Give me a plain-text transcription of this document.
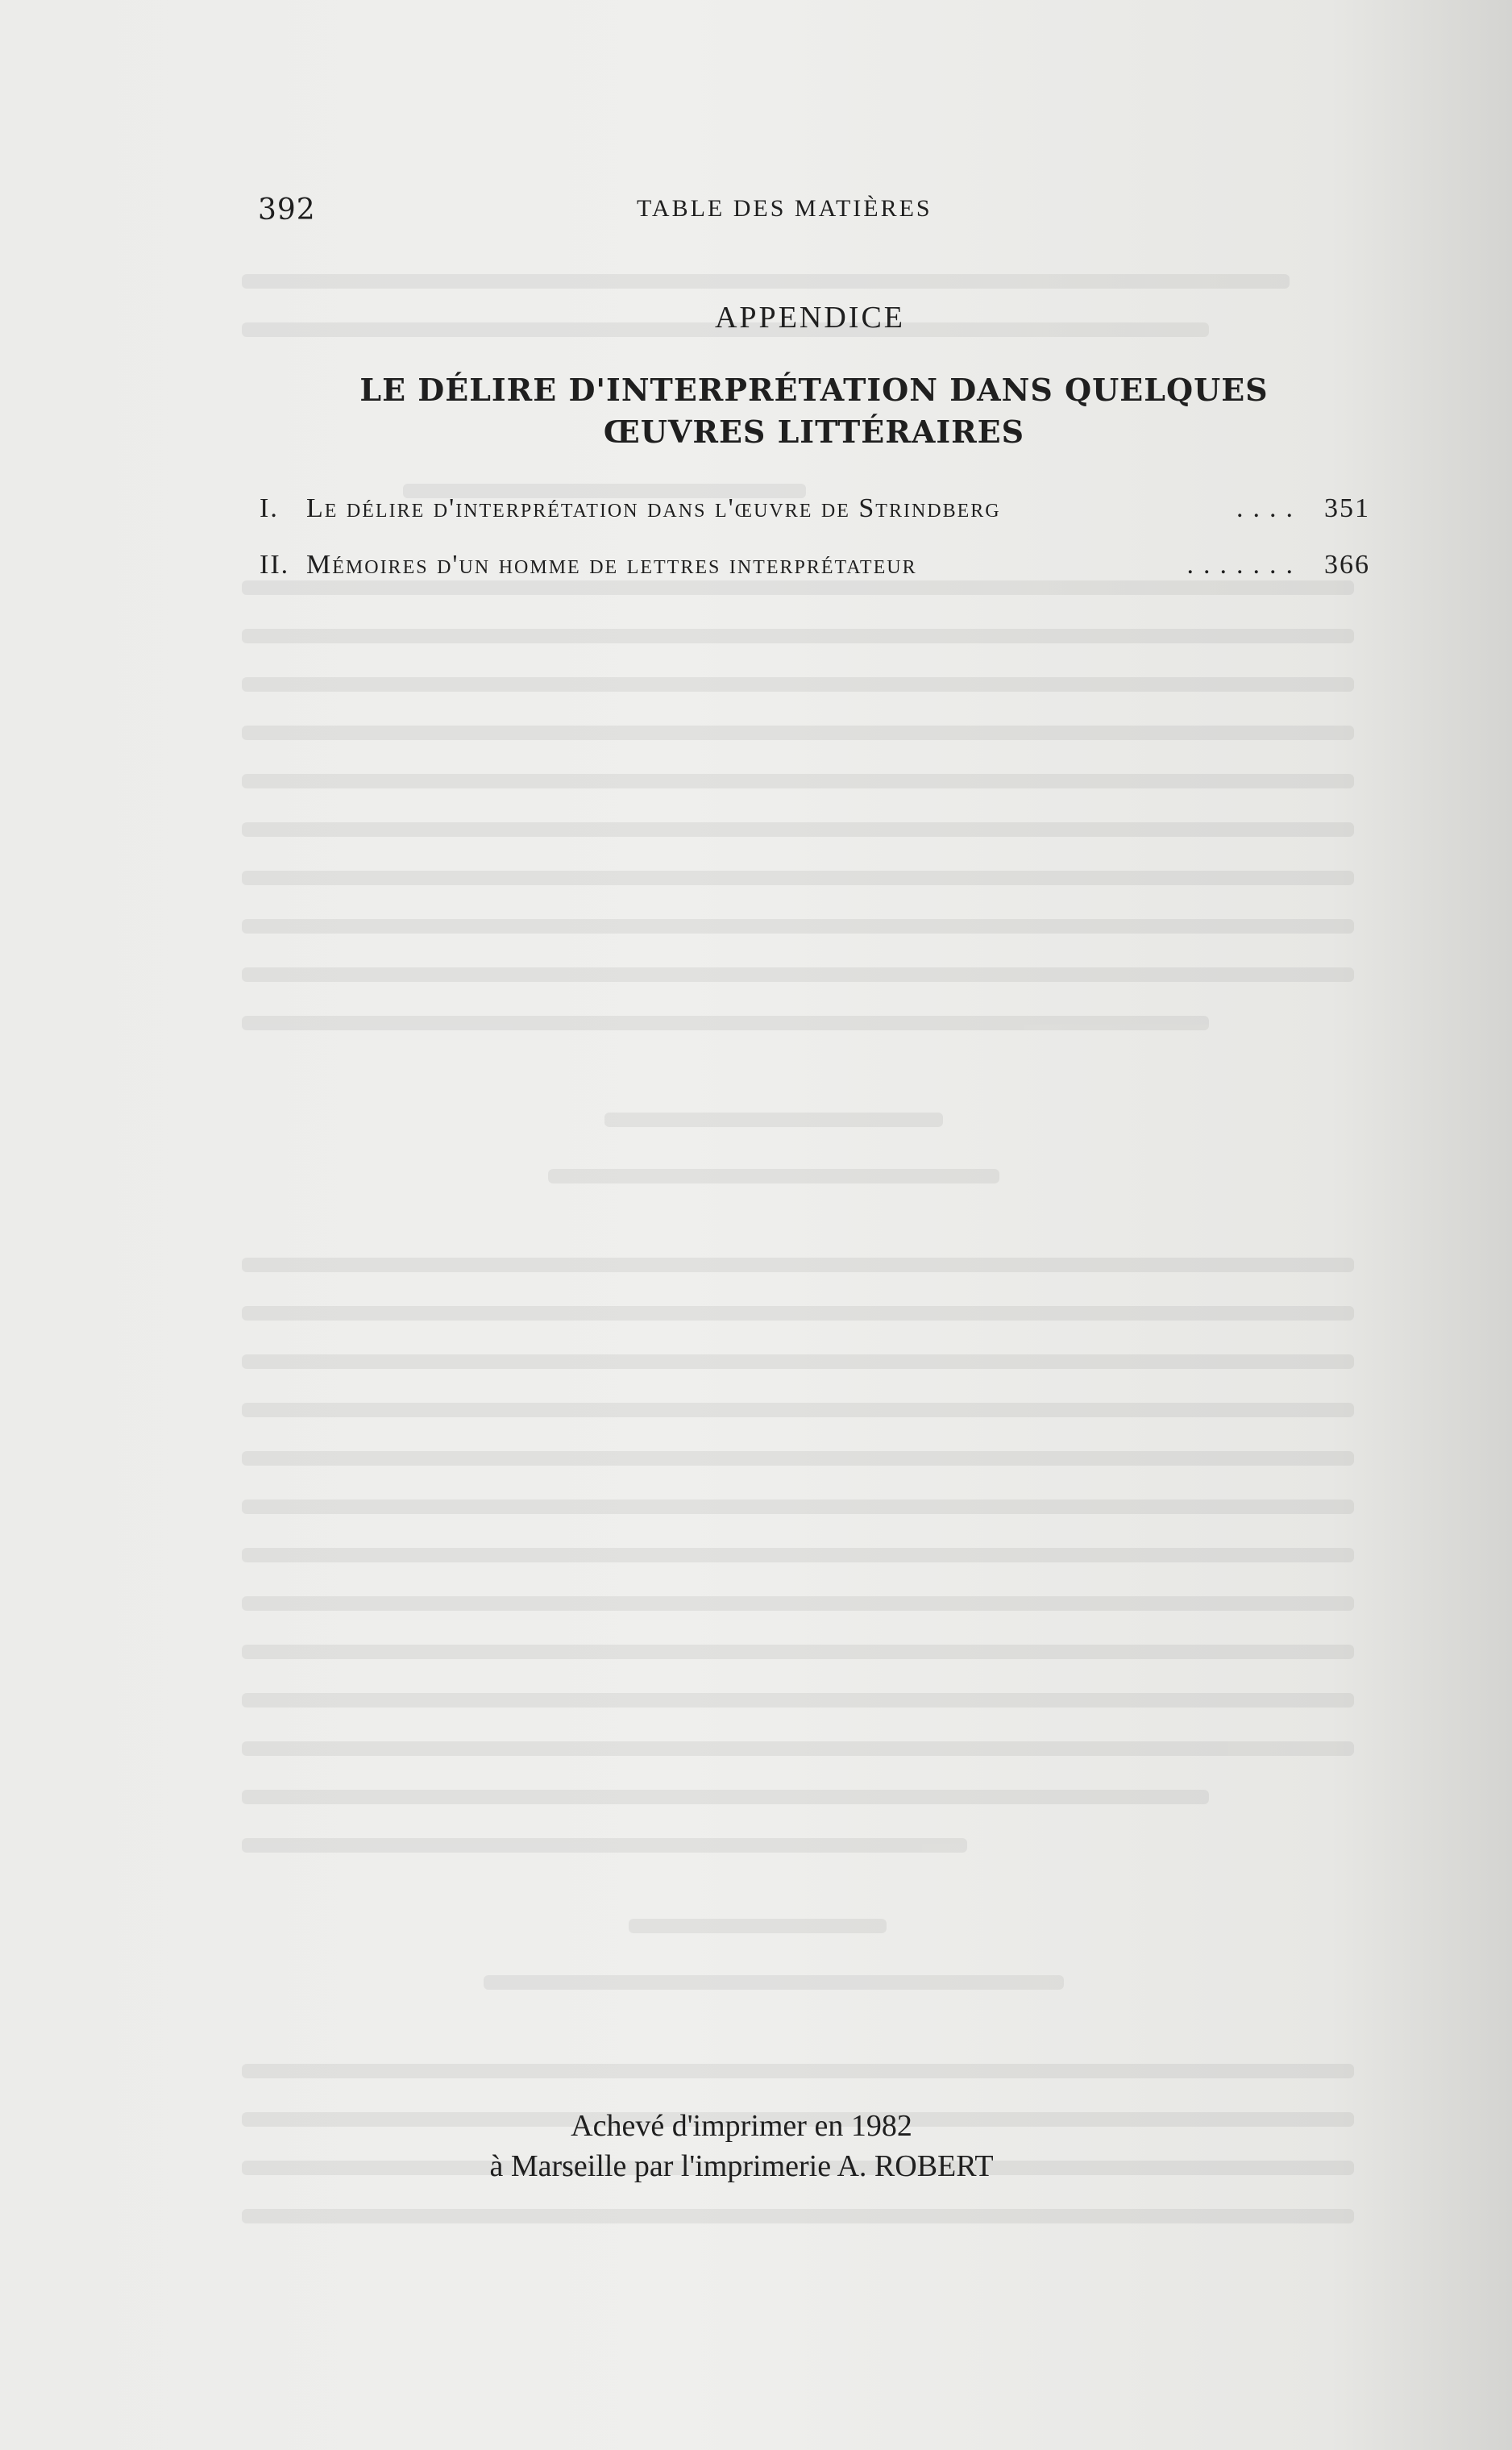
392	TABLE DES MATIÈRES
APPENDICE
LE DÉLIRE D'INTERPRÉTATION DANS QUELQUES ŒUVRES LITTÉRAIRES
I.	Le délire d'interprétation dans l'œuvre de Strindberg	.... 351
II. Mémoires d'un homme de lettres interprétateur	....... 366
Achevé d'imprimer en 1982
à Marseille par l'imprimerie A. ROBERT
